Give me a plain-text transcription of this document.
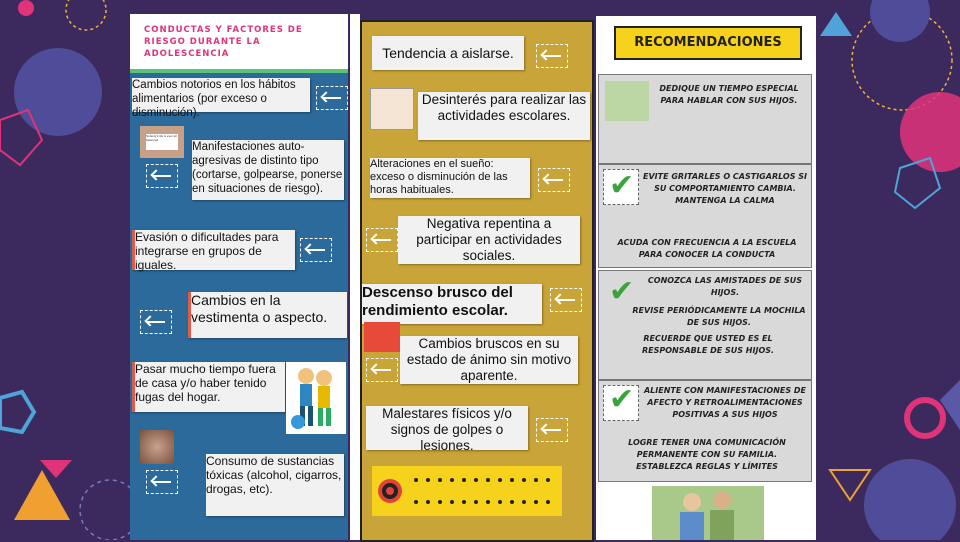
CONDUCTAS Y FACTORES DE RIESGO DURANTE LA ADOLESCENCIA
Cambios notorios en los hábitos alimentarios (por exceso o disminución).
Nobody's life is ever all balanced
Manifestaciones auto-agresivas de distinto tipo (cortarse, golpearse, ponerse en situaciones de riesgo).
Evasión o dificultades para integrarse en grupos de iguales.
Cambios en la vestimenta o aspecto.
Pasar mucho tiempo fuera de casa y/o haber tenido fugas del hogar.
Consumo de sustancias tóxicas (alcohol, cigarros, drogas, etc).
Tendencia a aislarse.
Desinterés para realizar las actividades escolares.
Alteraciones en el sueño: exceso o disminución de las horas habituales.
Negativa repentina a participar en actividades sociales.
Descenso brusco del rendimiento escolar.
Cambios bruscos en su estado de ánimo sin motivo aparente.
Malestares físicos y/o signos de golpes o lesiones.
RECOMENDACIONES
DEDIQUE UN TIEMPO ESPECIAL PARA HABLAR CON SUS HIJOS.
✔ EVITE GRITARLES O CASTIGARLOS SI SU COMPORTAMIENTO CAMBIA. MANTENGA LA CALMA
ACUDA CON FRECUENCIA A LA ESCUELA PARA CONOCER LA CONDUCTA
✔	CONOZCA LAS AMISTADES DE SUS HIJOS.
REVISE PERIÓDICAMENTE LA MOCHILA DE SUS HIJOS.
RECUERDE QUE USTED ES EL RESPONSABLE DE SUS HIJOS.
✔ ALIENTE CON MANIFESTACIONES DE AFECTO Y RETROALIMENTACIONES POSITIVAS A SUS HIJOS
LOGRE TENER UNA COMUNICACIÓN PERMANENTE CON SU FAMILIA. ESTABLEZCA REGLAS Y LÍMITES
